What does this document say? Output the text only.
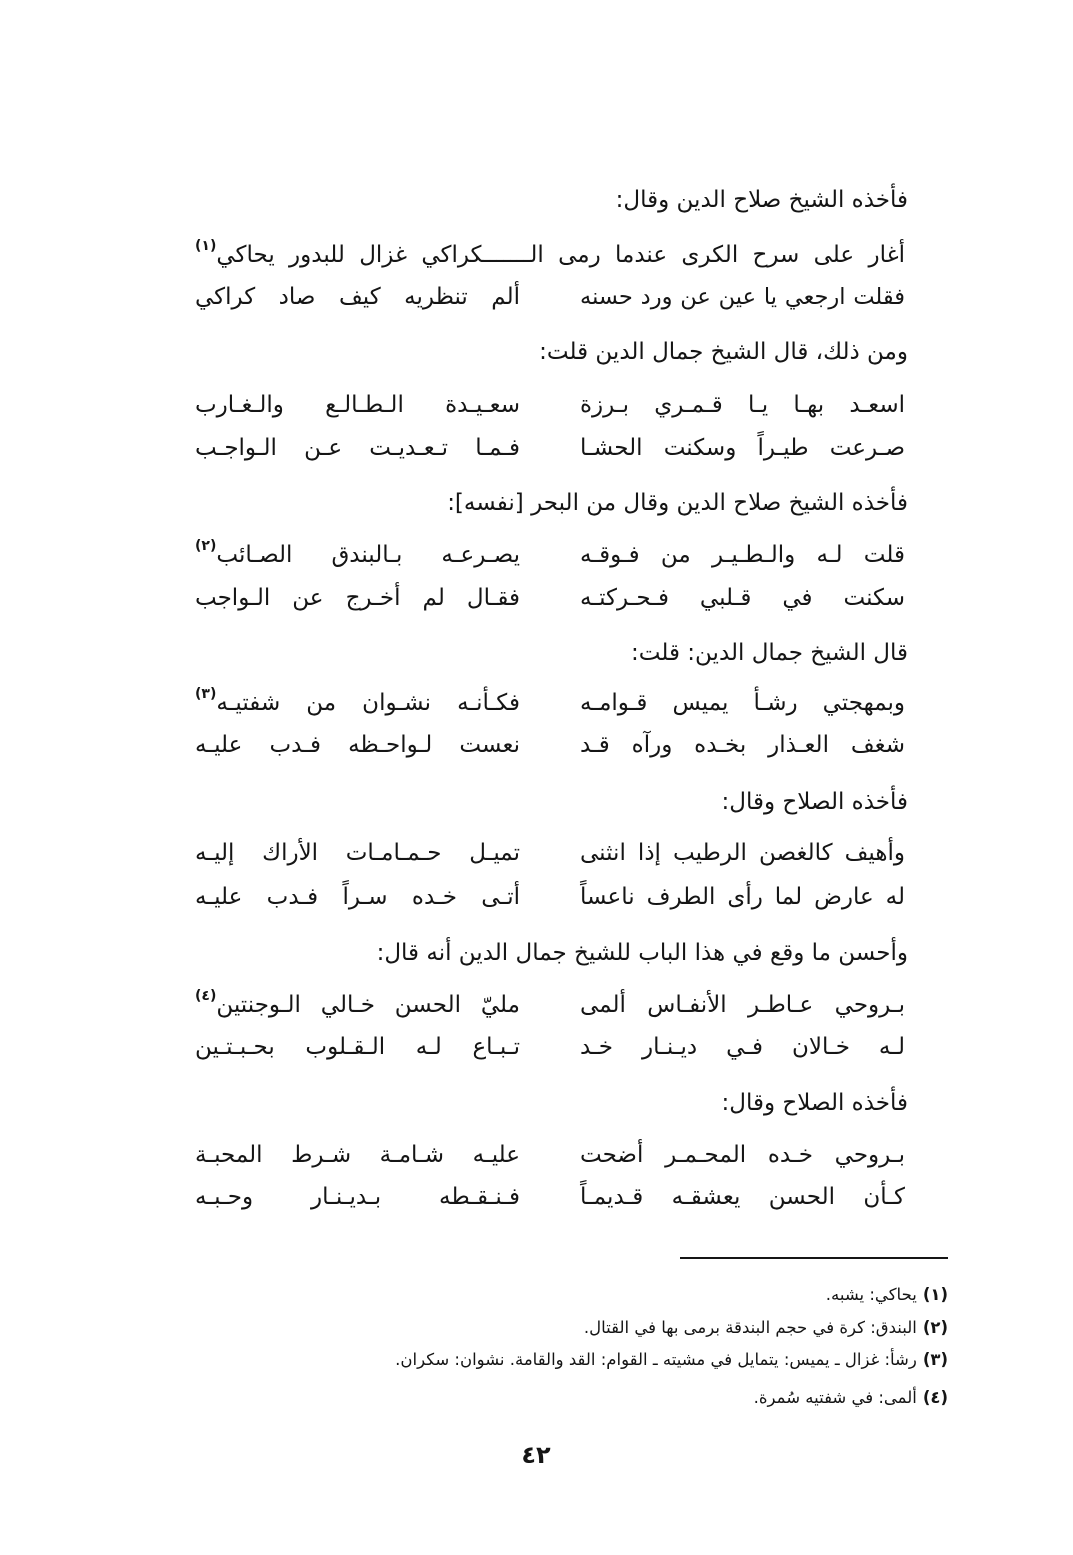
فأخذه الشيخ صلاح الدين وقال:
أغار على سرح الكرى عندما رمى الـــــــكراكي غزال للبدور يحاكي$^{(١)}$
فقلت ارجعي يا عين عن ورد حسنه
ألم تنظريه كيف صاد كراكي
ومن ذلك، قال الشيخ جمال الدين قلت:
اسعـد بهـا يـا قـمـري بـرزة
سعـيـدة الـطـالـع والـغـارب
صـرعت طيـراً وسكنت الحشـا
فـمـا تـعـديـت عـن الـواجـب
فأخذه الشيخ صلاح الدين وقال من البحر [نفسه]:
قلت لـه والـطـيـر من فـوقـه
يصـرعـه بـالبندق الصـائب$^{(٢)}$
سكنت في قـلبي فـحـركتـه
فقـال لم أخـرج عن الـواجب
قال الشيخ جمال الدين: قلت:
وبمهجتي رشـأ يميس قـوامـه
فكـأنـه نشـوان من شفتيـه$^{(٣)}$
شغف العـذار بخـده ورآه قـد
نعست لـواحـظه فـدب عليـه
فأخذه الصلاح وقال:
وأهيف كالغصن الرطيب إذا انثنى
تميـل حـمـامـات الأراك إليـه
له عارض لما رأى الطرف ناعساً
أتـى خـده سـراً فـدب عليـه
وأحسن ما وقع في هذا الباب للشيخ جمال الدين أنه قال:
بـروحي عـاطـر الأنفـاس ألمى
مليّ الحسن خـالي الـوجنتين$^{(٤)}$
لـه خـالان فـي ديـنـار خـد
تـبـاع لـه الـقـلوب بحـبـتـين
فأخذه الصلاح وقال:
بـروحي خـده المحـمـر أضحت
عليـه شـامـة شـرط المحبـة
كـأن الحسن يعشقـه قـديمـاً
فـنـقـطه بـديـنـار وحـبـه
(١)يحاكي: يشبه.
(٢)البندق: كرة في حجم البندقة برمى بها في القتال.
(٣)رشأ: غزال ـ يميس: يتمايل في مشيته ـ القوام: القد والقامة. نشوان: سكران.
(٤)ألمى: في شفتيه سُمرة.
٤٢
